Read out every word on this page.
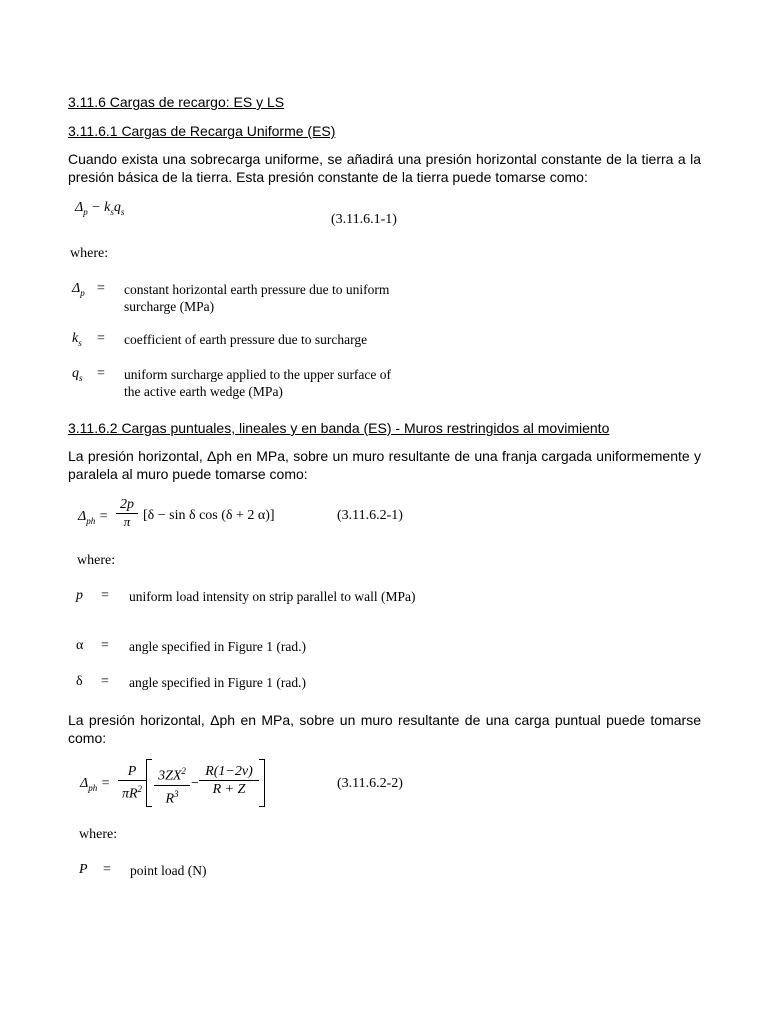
3.11.6 Cargas de recargo: ES y LS
3.11.6.1 Cargas de Recarga Uniforme (ES)
Cuando exista una sobrecarga uniforme, se añadirá una presión horizontal constante de la tierra a la presión básica de la tierra. Esta presión constante de la tierra puede tomarse como:
$\Delta_p - k_sq_s$
(3.11.6.1-1)
where:
$\Delta_p$ = constant horizontal earth pressure due to uniform surcharge (MPa)
$k_s$ = coefficient of earth pressure due to surcharge
$q_s$ = uniform surcharge applied to the upper surface of the active earth wedge (MPa)
3.11.6.2 Cargas puntuales, lineales y en banda (ES) - Muros restringidos al movimiento
La presión horizontal, Δph en MPa, sobre un muro resultante de una franja cargada uniformemente y paralela al muro puede tomarse como:
$\Delta_{ph}$ =
2p
π [δ − sin δ cos (δ + 2 α)]	(3.11.6.2-1)
where:
p = uniform load intensity on strip parallel to wall (MPa)
α = angle specified in Figure 1 (rad.)
δ = angle specified in Figure 1 (rad.)
La presión horizontal, Δph en MPa, sobre un muro resultante de una carga puntual puede tomarse como:
$\Delta_{ph}$ =
P
$\pi R^2$
$3ZX^2$
$R^3$
−
R(1−2ν)
R + Z	(3.11.6.2-2)
where:
P = point load (N)
